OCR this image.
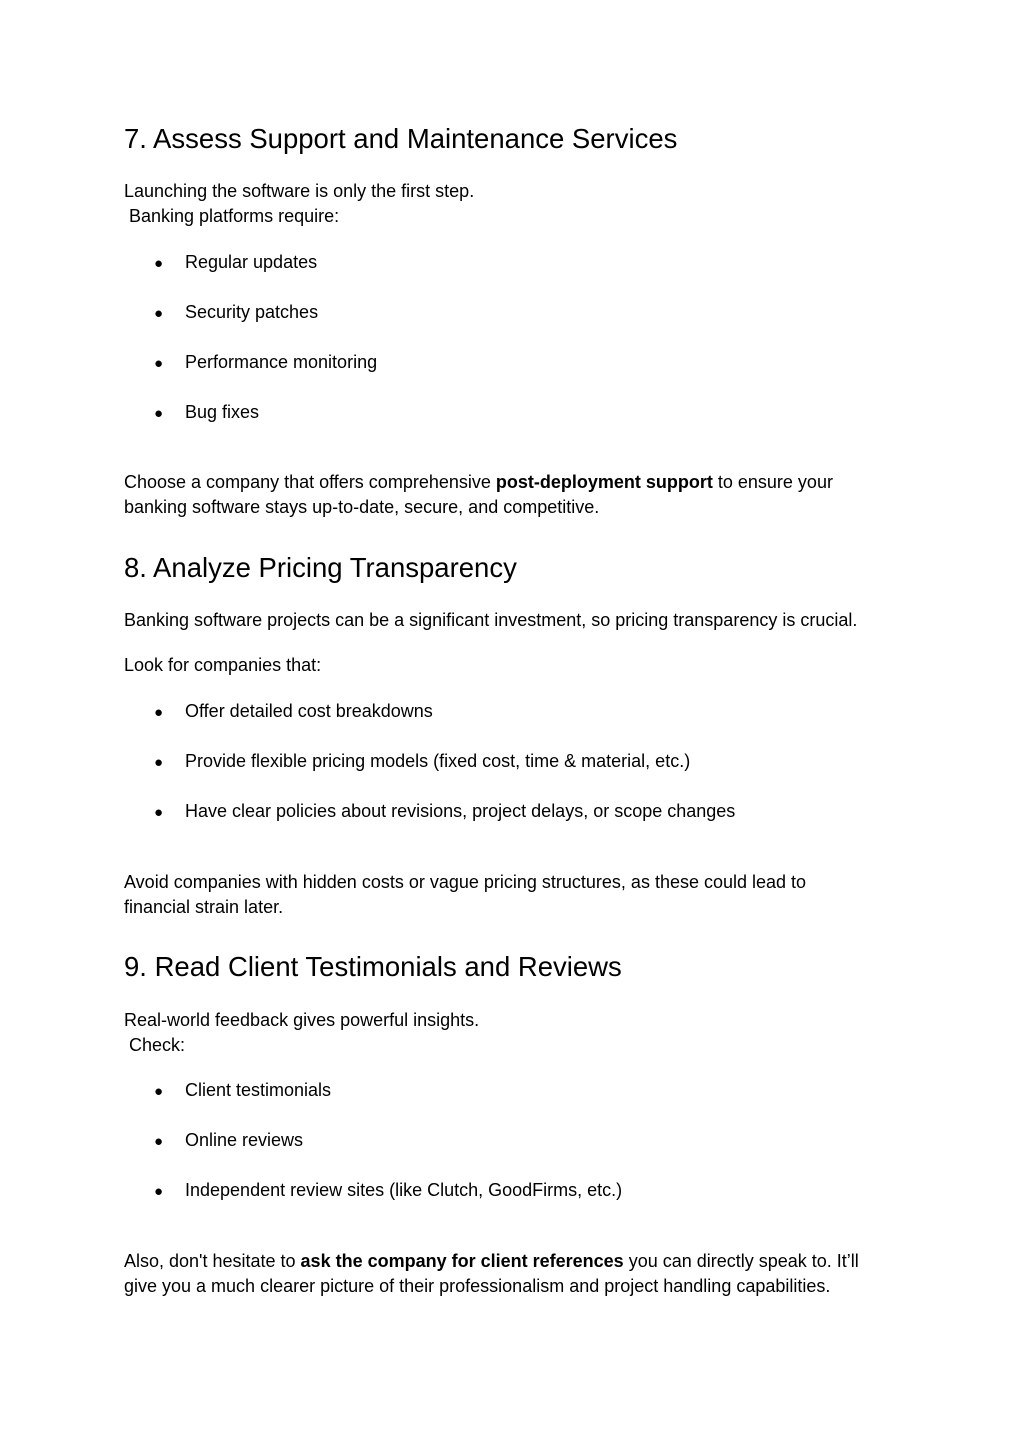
7. Assess Support and Maintenance Services
Launching the software is only the first step.
Banking platforms require:
● Regular updates
● Security patches
● Performance monitoring
● Bug fixes
Choose a company that offers comprehensive post-deployment support to ensure your
banking software stays up-to-date, secure, and competitive.
8. Analyze Pricing Transparency
Banking software projects can be a significant investment, so pricing transparency is crucial.
Look for companies that:
● Offer detailed cost breakdowns
● Provide flexible pricing models (fixed cost, time & material, etc.)
● Have clear policies about revisions, project delays, or scope changes
Avoid companies with hidden costs or vague pricing structures, as these could lead to
financial strain later.
9. Read Client Testimonials and Reviews
Real-world feedback gives powerful insights.
Check:
● Client testimonials
● Online reviews
● Independent review sites (like Clutch, GoodFirms, etc.)
Also, don't hesitate to ask the company for client references you can directly speak to. It’ll
give you a much clearer picture of their professionalism and project handling capabilities.
